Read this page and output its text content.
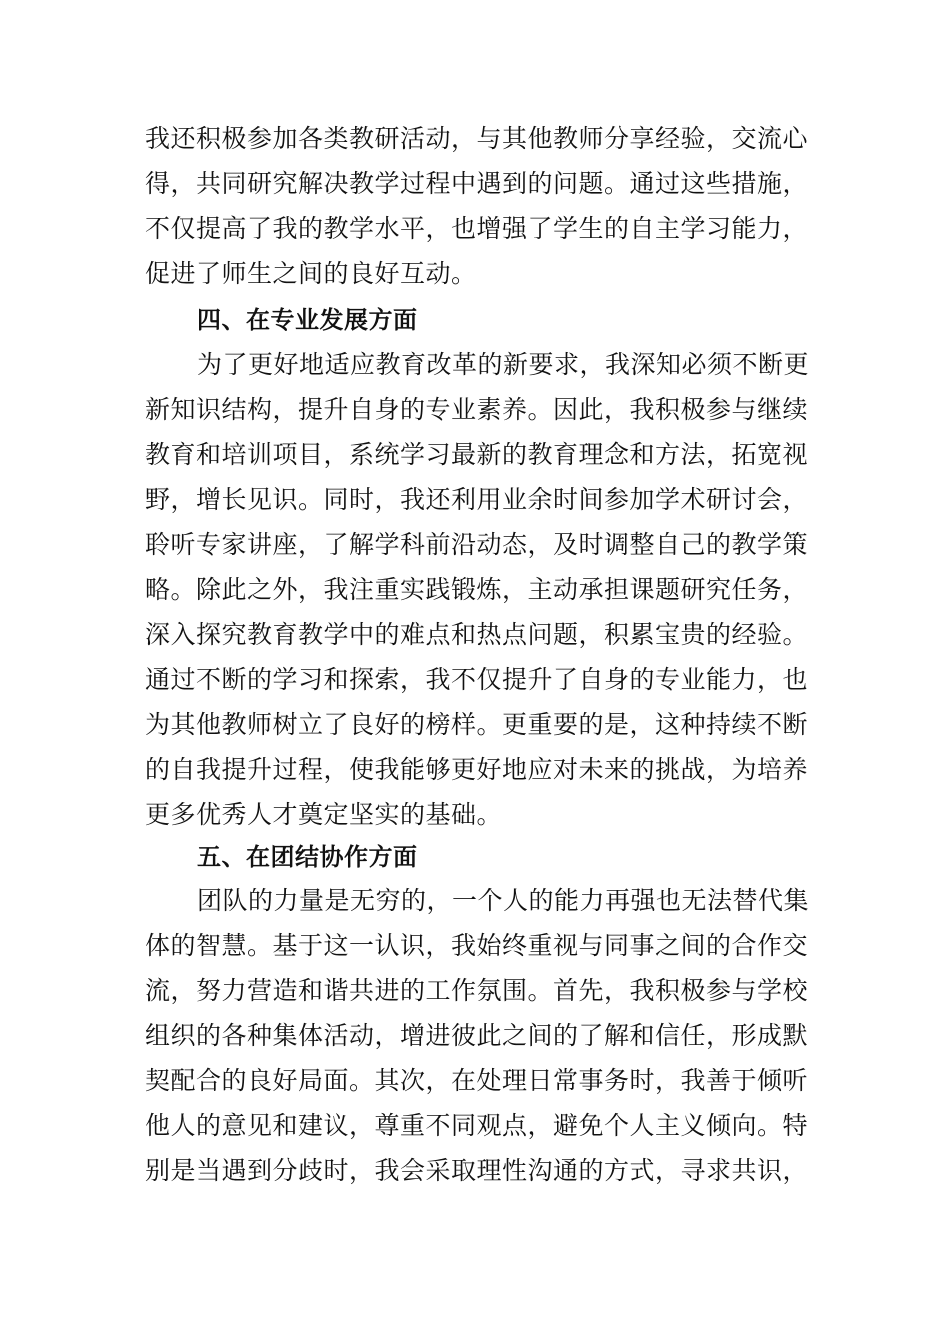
我还积极参加各类教研活动，与其他教师分享经验，交流心
得，共同研究解决教学过程中遇到的问题。通过这些措施，
不仅提高了我的教学水平，也增强了学生的自主学习能力，
促进了师生之间的良好互动。
四、在专业发展方面
为了更好地适应教育改革的新要求，我深知必须不断更
新知识结构，提升自身的专业素养。因此，我积极参与继续
教育和培训项目，系统学习最新的教育理念和方法，拓宽视
野，增长见识。同时，我还利用业余时间参加学术研讨会，
聆听专家讲座，了解学科前沿动态，及时调整自己的教学策
略。除此之外，我注重实践锻炼，主动承担课题研究任务，
深入探究教育教学中的难点和热点问题，积累宝贵的经验。
通过不断的学习和探索，我不仅提升了自身的专业能力，也
为其他教师树立了良好的榜样。更重要的是，这种持续不断
的自我提升过程，使我能够更好地应对未来的挑战，为培养
更多优秀人才奠定坚实的基础。
五、在团结协作方面
团队的力量是无穷的，一个人的能力再强也无法替代集
体的智慧。基于这一认识，我始终重视与同事之间的合作交
流，努力营造和谐共进的工作氛围。首先，我积极参与学校
组织的各种集体活动，增进彼此之间的了解和信任，形成默
契配合的良好局面。其次，在处理日常事务时，我善于倾听
他人的意见和建议，尊重不同观点，避免个人主义倾向。特
别是当遇到分歧时，我会采取理性沟通的方式，寻求共识，
